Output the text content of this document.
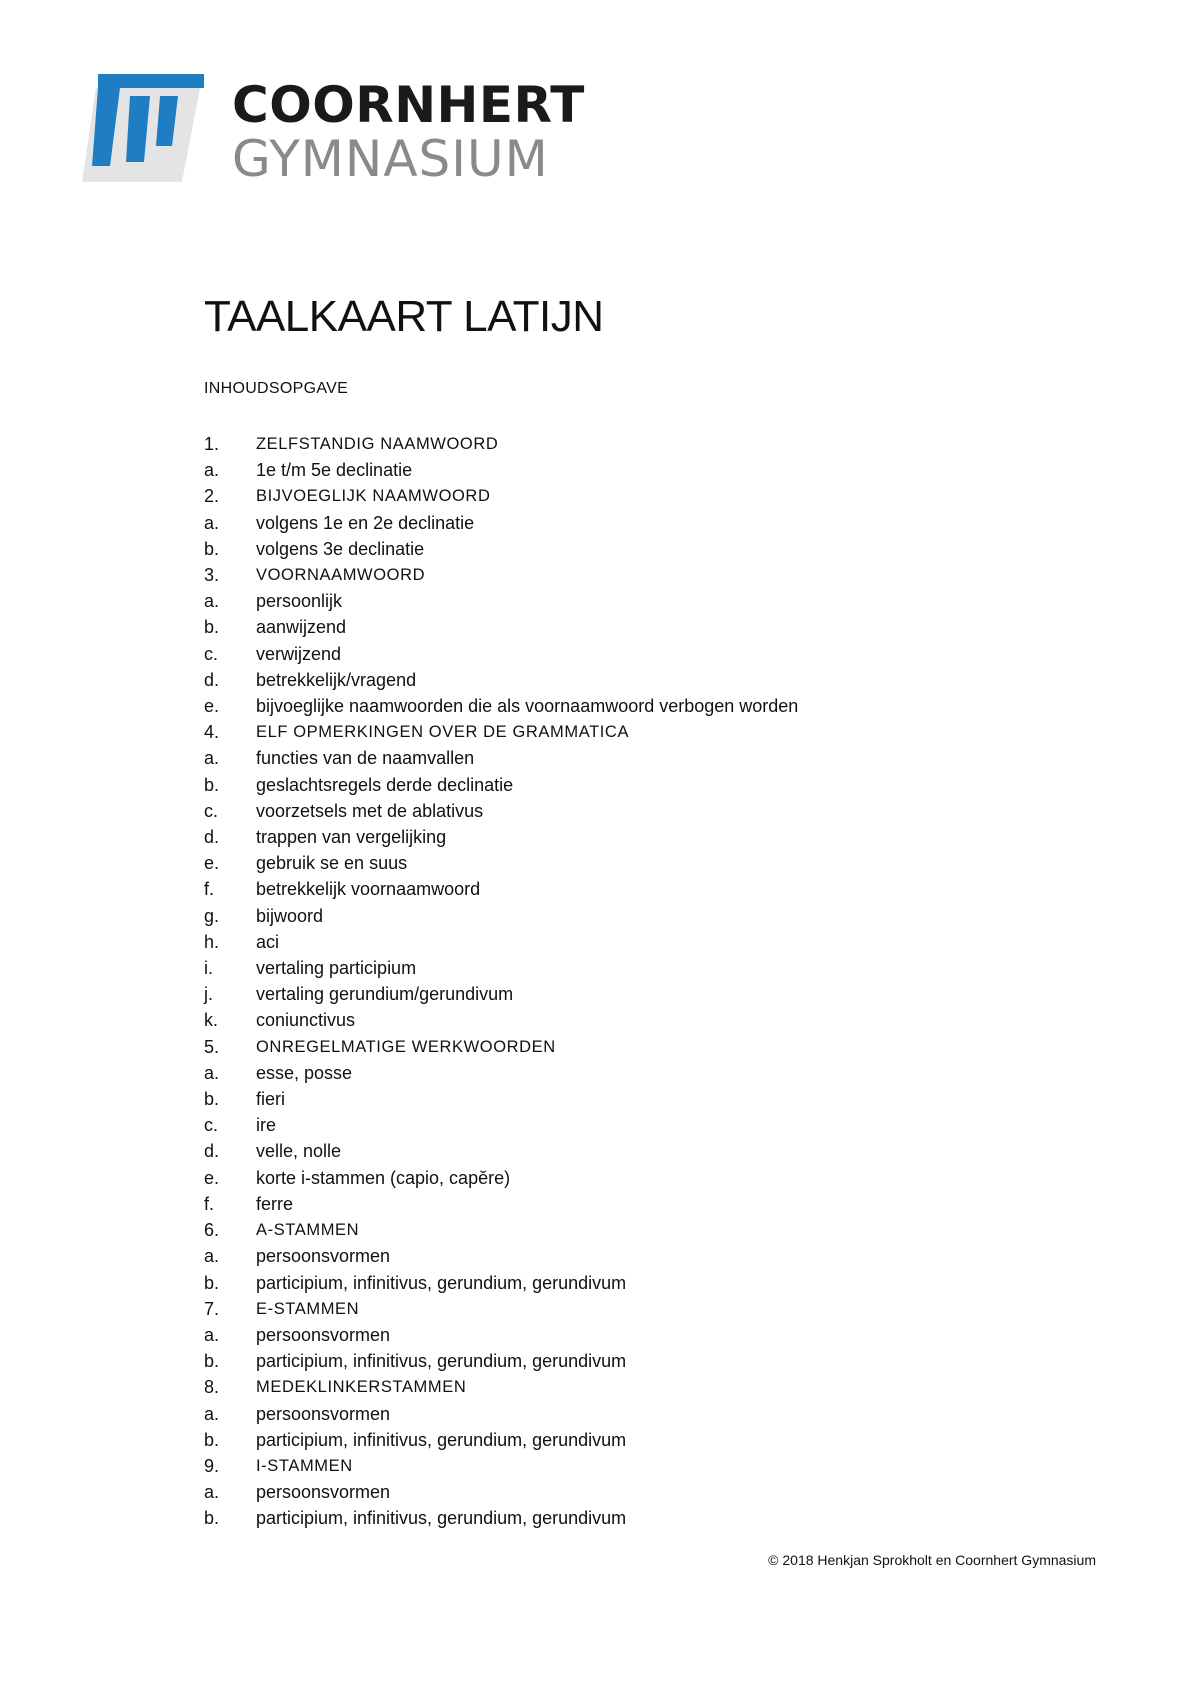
COORNHERT
GYMNASIUM
TAALKAART LATIJN
INHOUDSOPGAVE
1.	ZELFSTANDIG NAAMWOORD
a.	1e t/m 5e declinatie
2.	BIJVOEGLIJK NAAMWOORD
a.	volgens 1e en 2e declinatie
b.	volgens 3e declinatie
3.	VOORNAAMWOORD
a.	persoonlijk
b.	aanwijzend
c.	verwijzend
d.	betrekkelijk/vragend
e.	bijvoeglijke naamwoorden die als voornaamwoord verbogen worden
4.	ELF OPMERKINGEN OVER DE GRAMMATICA
a.	functies van de naamvallen
b.	geslachtsregels derde declinatie
c.	voorzetsels met de ablativus
d.	trappen van vergelijking
e.	gebruik se en suus
f.	betrekkelijk voornaamwoord
g.	bijwoord
h.	aci
i.	vertaling participium
j.	vertaling gerundium/gerundivum
k.	coniunctivus
5.	ONREGELMATIGE WERKWOORDEN
a.	esse, posse
b.	fieri
c.	ire
d.	velle, nolle
e.	korte i-stammen (capio, capĕre)
f.	ferre
6.	A-STAMMEN
a.	persoonsvormen
b.	participium, infinitivus, gerundium, gerundivum
7.	E-STAMMEN
a.	persoonsvormen
b.	participium, infinitivus, gerundium, gerundivum
8.	MEDEKLINKERSTAMMEN
a.	persoonsvormen
b.	participium, infinitivus, gerundium, gerundivum
9.	I-STAMMEN
a.	persoonsvormen
b.	participium, infinitivus, gerundium, gerundivum
© 2018 Henkjan Sprokholt en Coornhert Gymnasium
